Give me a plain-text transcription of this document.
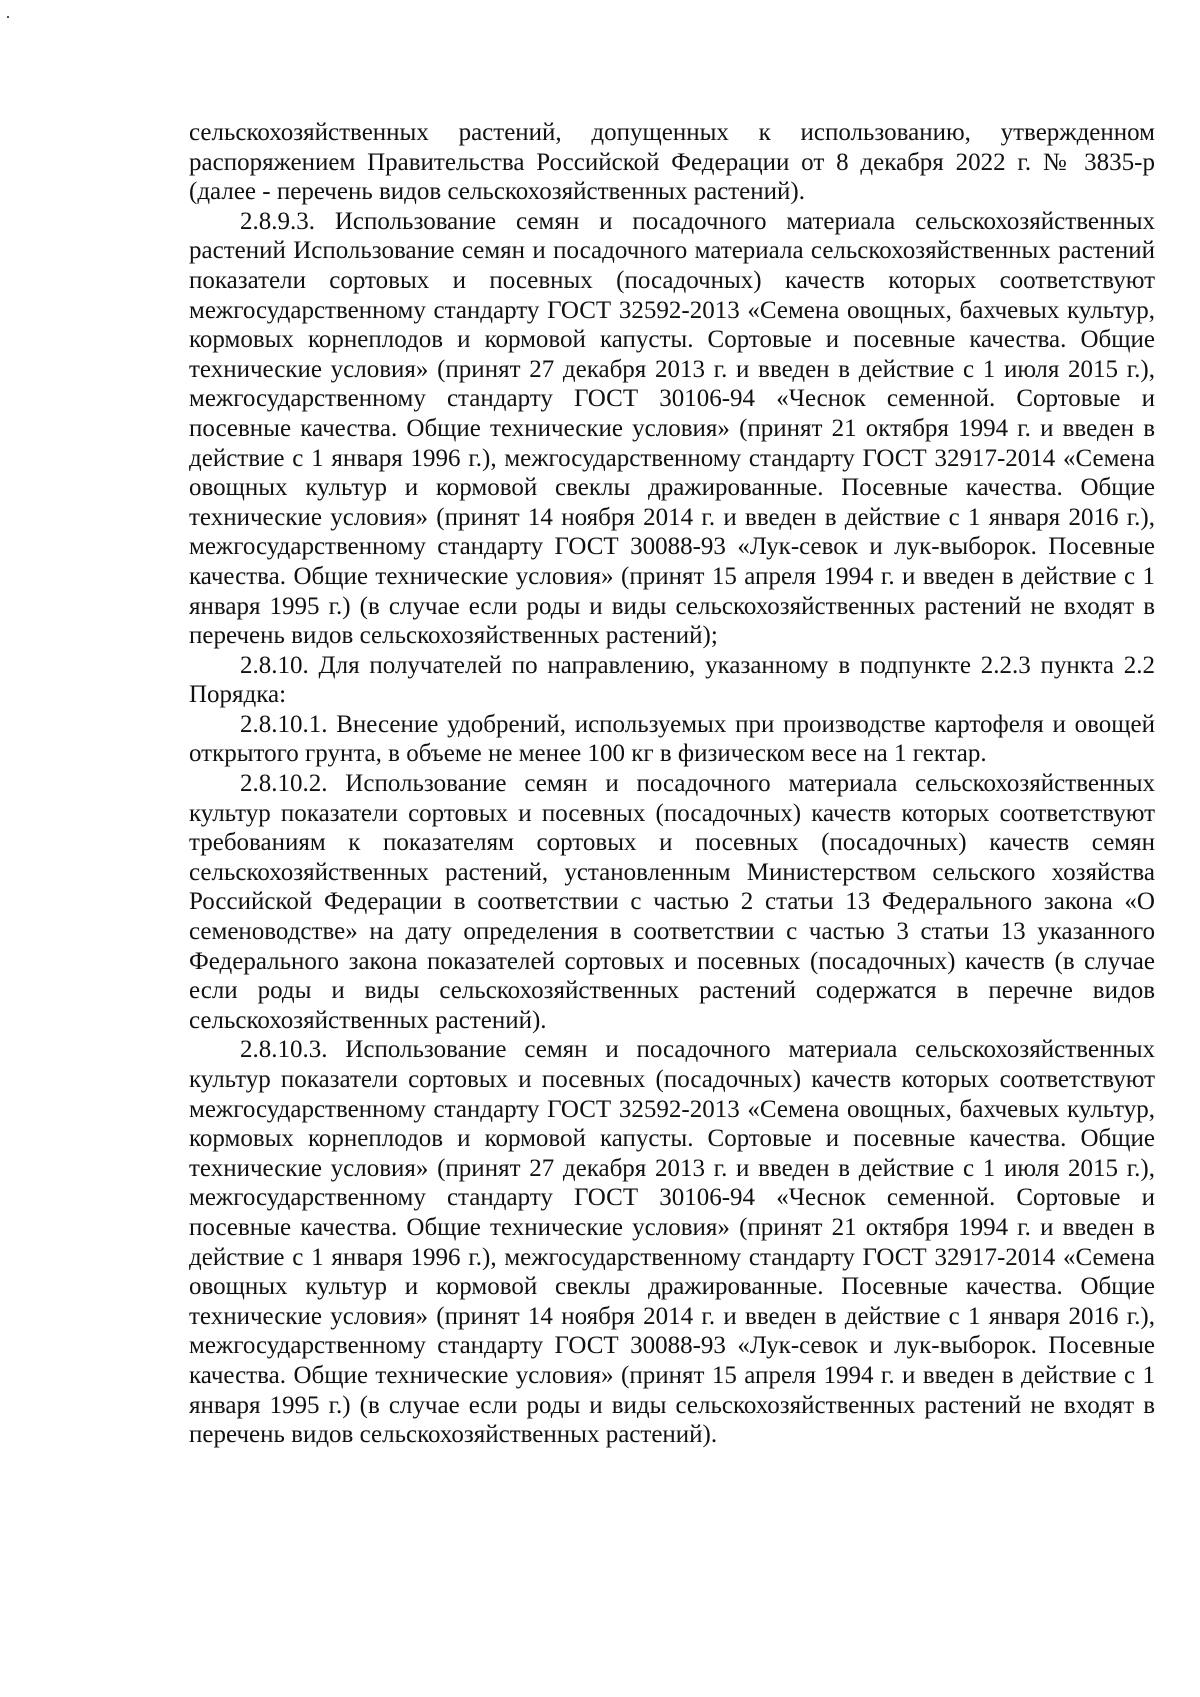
сельскохозяйственных растений, допущенных к использованию, утвержденном распоряжением Правительства Российской Федерации от 8 декабря 2022 г. № 3835-р (далее - перечень видов сельскохозяйственных растений).

2.8.9.3. Использование семян и посадочного материала сельскохозяйственных растений Использование семян и посадочного материала сельскохозяйственных растений показатели сортовых и посевных (посадочных) качеств которых соответствуют межгосударственному стандарту ГОСТ 32592-2013 «Семена овощных, бахчевых культур, кормовых корнеплодов и кормовой капусты. Сортовые и посевные качества. Общие технические условия» (принят 27 декабря 2013 г. и введен в действие с 1 июля 2015 г.), межгосударственному стандарту ГОСТ 30106-94 «Чеснок семенной. Сортовые и посевные качества. Общие технические условия» (принят 21 октября 1994 г. и введен в действие с 1 января 1996 г.), межгосударственному стандарту ГОСТ 32917-2014 «Семена овощных культур и кормовой свеклы дражированные. Посевные качества. Общие технические условия» (принят 14 ноября 2014 г. и введен в действие с 1 января 2016 г.), межгосударственному стандарту ГОСТ 30088-93 «Лук-севок и лук-выборок. Посевные качества. Общие технические условия» (принят 15 апреля 1994 г. и введен в действие с 1 января 1995 г.) (в случае если роды и виды сельскохозяйственных растений не входят в перечень видов сельскохозяйственных растений);

2.8.10. Для получателей по направлению, указанному в подпункте 2.2.3 пункта 2.2 Порядка:

2.8.10.1. Внесение удобрений, используемых при производстве картофеля и овощей открытого грунта, в объеме не менее 100 кг в физическом весе на 1 гектар.

2.8.10.2. Использование семян и посадочного материала сельскохозяйственных культур показатели сортовых и посевных (посадочных) качеств которых соответствуют требованиям к показателям сортовых и посевных (посадочных) качеств семян сельскохозяйственных растений, установленным Министерством сельского хозяйства Российской Федерации в соответствии с частью 2 статьи 13 Федерального закона «О семеноводстве» на дату определения в соответствии с частью 3 статьи 13 указанного Федерального закона показателей сортовых и посевных (посадочных) качеств (в случае если роды и виды сельскохозяйственных растений содержатся в перечне видов сельскохозяйственных растений).

2.8.10.3. Использование семян и посадочного материала сельскохозяйственных культур показатели сортовых и посевных (посадочных) качеств которых соответствуют межгосударственному стандарту ГОСТ 32592-2013 «Семена овощных, бахчевых культур, кормовых корнеплодов и кормовой капусты. Сортовые и посевные качества. Общие технические условия» (принят 27 декабря 2013 г. и введен в действие с 1 июля 2015 г.), межгосударственному стандарту ГОСТ 30106-94 «Чеснок семенной. Сортовые и посевные качества. Общие технические условия» (принят 21 октября 1994 г. и введен в действие с 1 января 1996 г.), межгосударственному стандарту ГОСТ 32917-2014 «Семена овощных культур и кормовой свеклы дражированные. Посевные качества. Общие технические условия» (принят 14 ноября 2014 г. и введен в действие с 1 января 2016 г.), межгосударственному стандарту ГОСТ 30088-93 «Лук-севок и лук-выборок. Посевные качества. Общие технические условия» (принят 15 апреля 1994 г. и введен в действие с 1 января 1995 г.) (в случае если роды и виды сельскохозяйственных растений не входят в перечень видов сельскохозяйственных растений).
